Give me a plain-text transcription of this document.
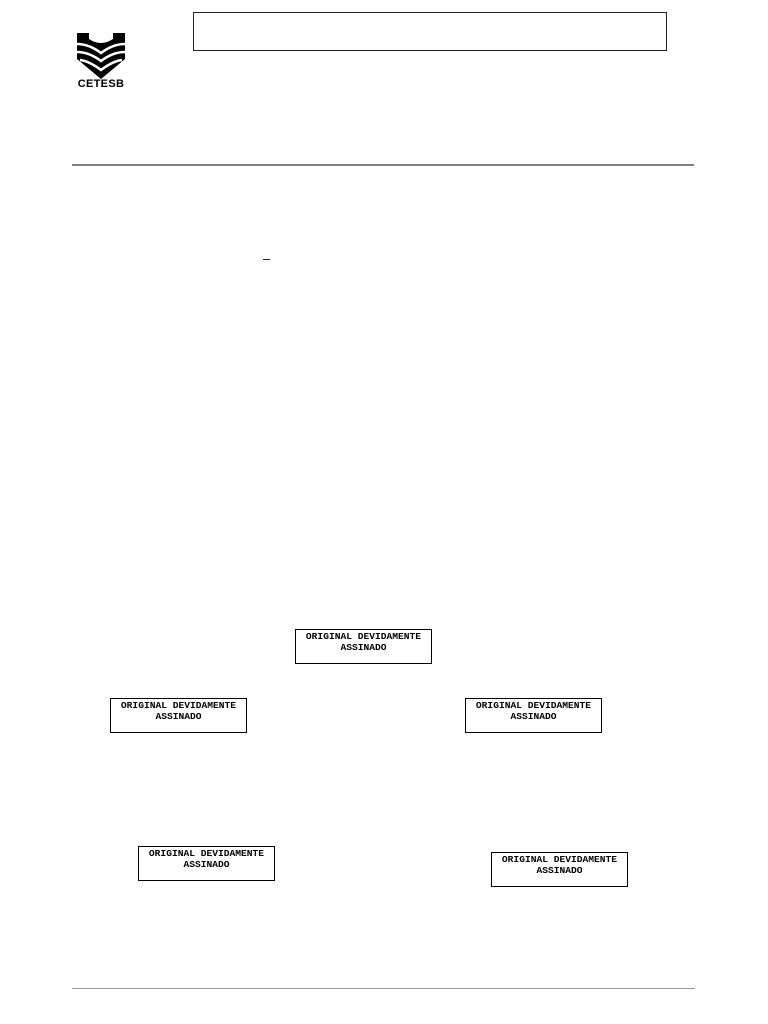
CETESB
–
ORIGINAL DEVIDAMENTE
ASSINADO
ORIGINAL DEVIDAMENTE
ASSINADO
ORIGINAL DEVIDAMENTE
ASSINADO
ORIGINAL DEVIDAMENTE
ASSINADO	ORIGINAL DEVIDAMENTE
ASSINADO
